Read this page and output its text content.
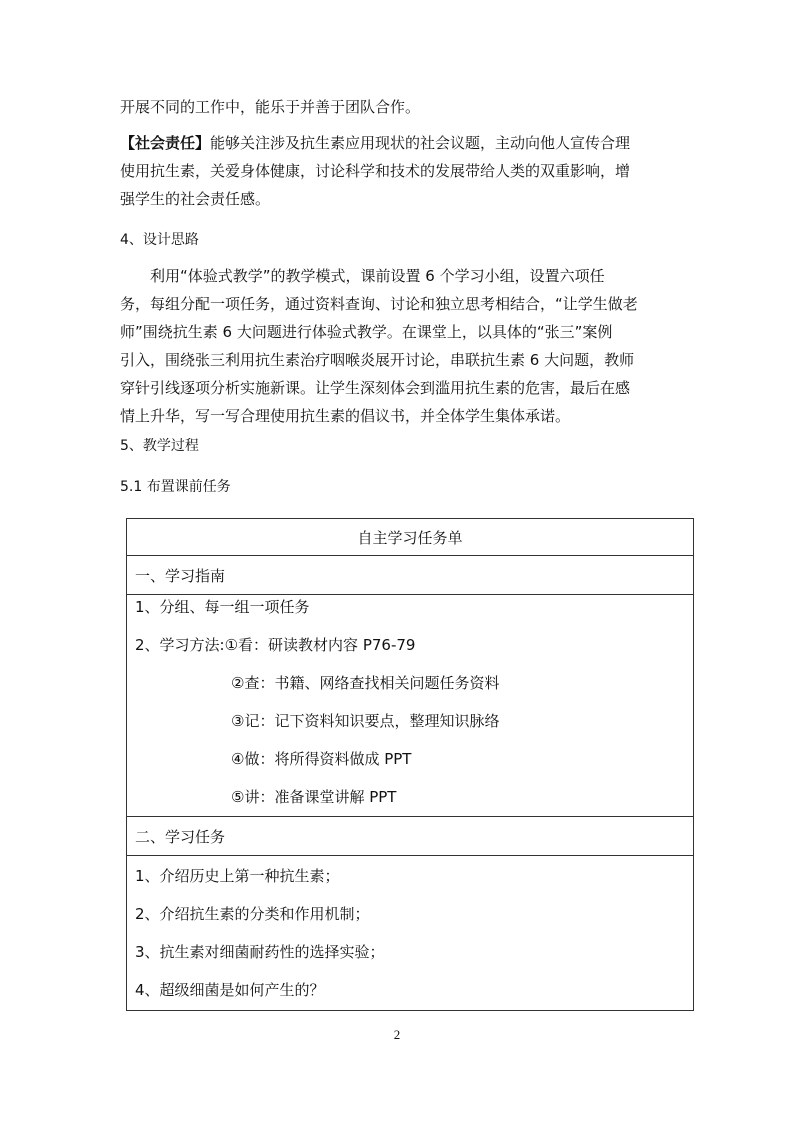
开展不同的工作中，能乐于并善于团队合作。
【社会责任】能够关注涉及抗生素应用现状的社会议题，主动向他人宣传合理
使用抗生素，关爱身体健康，讨论科学和技术的发展带给人类的双重影响，增
强学生的社会责任感。
4、设计思路
利用“体验式教学”的教学模式，课前设置 6 个学习小组，设置六项任
务，每组分配一项任务，通过资料查询、讨论和独立思考相结合，“让学生做老
师”围绕抗生素 6 大问题进行体验式教学。在课堂上，以具体的“张三”案例
引入，围绕张三利用抗生素治疗咽喉炎展开讨论，串联抗生素 6 大问题，教师
穿针引线逐项分析实施新课。让学生深刻体会到滥用抗生素的危害，最后在感
情上升华，写一写合理使用抗生素的倡议书，并全体学生集体承诺。
5、教学过程
5.1 布置课前任务
自主学习任务单
一、学习指南

1、分组、每一组一项任务
2、学习方法:①看：研读教材内容 P76-79
②查：书籍、网络查找相关问题任务资料
③记：记下资料知识要点，整理知识脉络
④做：将所得资料做成 PPT
⑤讲：准备课堂讲解 PPT

二、学习任务

1、介绍历史上第一种抗生素；
2、介绍抗生素的分类和作用机制；
3、抗生素对细菌耐药性的选择实验；
4、超级细菌是如何产生的？
2
